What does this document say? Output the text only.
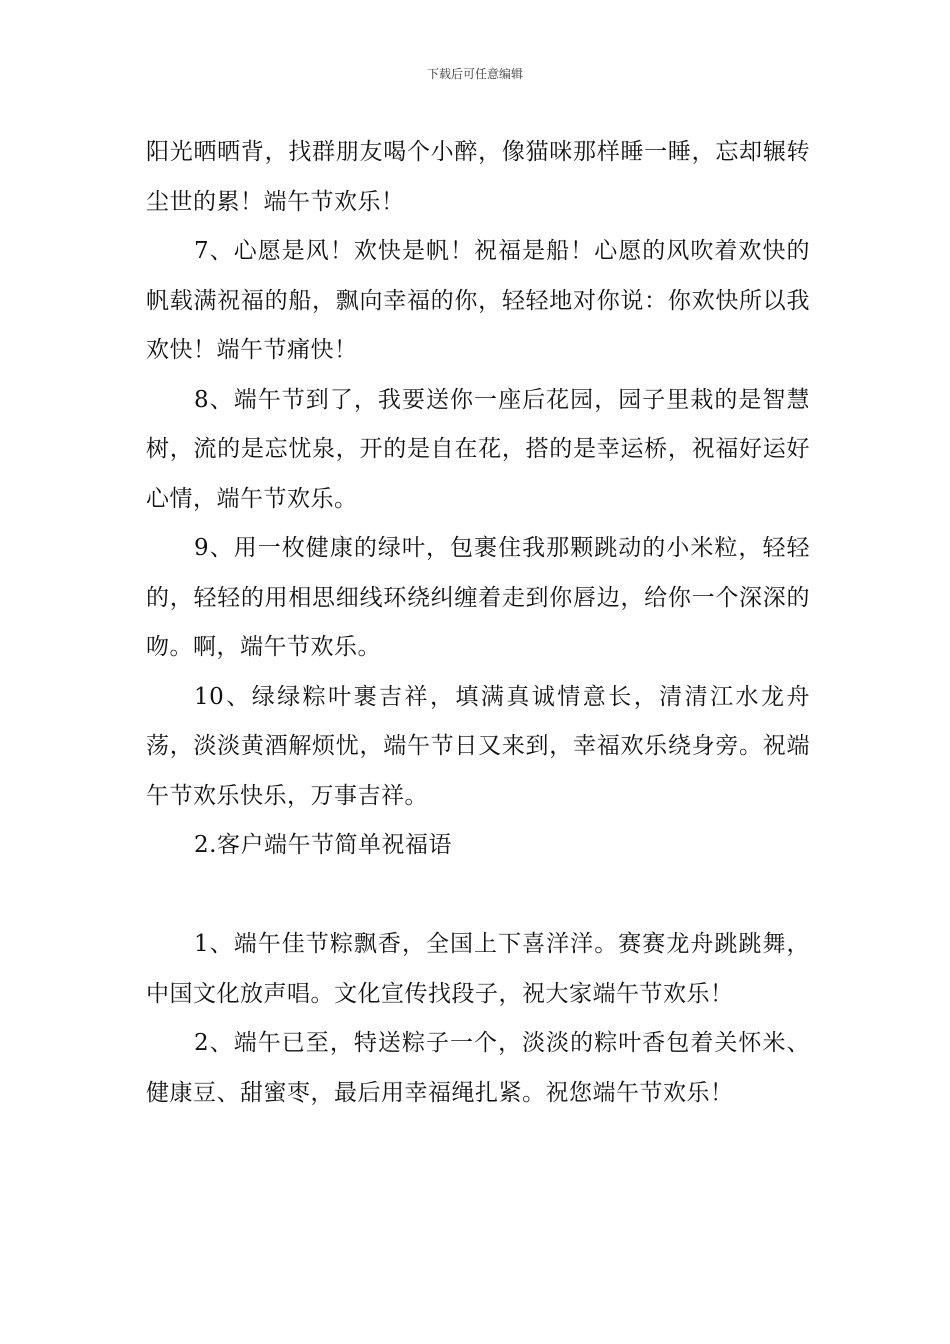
下载后可任意编辑

阳光晒晒背，找群朋友喝个小醉，像猫咪那样睡一睡，忘却辗转尘世的累！端午节欢乐！

7、心愿是风！欢快是帆！祝福是船！心愿的风吹着欢快的帆载满祝福的船，飘向幸福的你，轻轻地对你说：你欢快所以我欢快！端午节痛快！

8、端午节到了，我要送你一座后花园，园子里栽的是智慧树，流的是忘忧泉，开的是自在花，搭的是幸运桥，祝福好运好心情，端午节欢乐。

9、用一枚健康的绿叶，包裹住我那颗跳动的小米粒，轻轻的，轻轻的用相思细线环绕纠缠着走到你唇边，给你一个深深的吻。啊，端午节欢乐。

10、绿绿粽叶裹吉祥，填满真诚情意长，清清江水龙舟荡，淡淡黄酒解烦忧，端午节日又来到，幸福欢乐绕身旁。祝端午节欢乐快乐，万事吉祥。

2.客户端午节简单祝福语

1、端午佳节粽飘香，全国上下喜洋洋。赛赛龙舟跳跳舞，中国文化放声唱。文化宣传找段子，祝大家端午节欢乐！

2、端午已至，特送粽子一个，淡淡的粽叶香包着关怀米、健康豆、甜蜜枣，最后用幸福绳扎紧。祝您端午节欢乐！
